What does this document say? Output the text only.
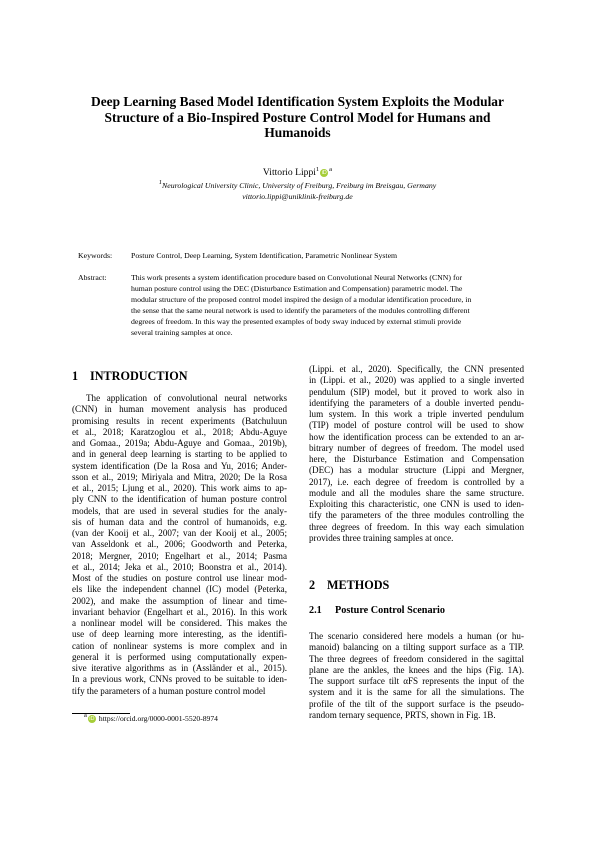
Deep Learning Based Model Identification System Exploits the Modular
Structure of a Bio-Inspired Posture Control Model for Humans and
Humanoids
Vittorio Lippi$^1$ iD $^a$
$^1$Neurological University Clinic, University of Freiburg, Freiburg im Breisgau, Germany
vittorio.lippi@uniklinik-freiburg.de
Keywords:	Posture Control, Deep Learning, System Identification, Parametric Nonlinear System
Abstract:	This work presents a system identification procedure based on Convolutional Neural Networks (CNN) for
human posture control using the DEC (Disturbance Estimation and Compensation) parametric model. The
modular structure of the proposed control model inspired the design of a modular identification procedure, in
the sense that the same neural network is used to identify the parameters of the modules controlling different
degrees of freedom. In this way the presented examples of body sway induced by external stimuli provide
several training samples at once.
1 INTRODUCTION
The application of convolutional neural networks
(CNN) in human movement analysis has produced
promising results in recent experiments (Batchuluun
et al., 2018; Karatzoglou et al., 2018; Abdu-Aguye
and Gomaa., 2019a; Abdu-Aguye and Gomaa., 2019b),
and in general deep learning is starting to be applied to
system identification (De la Rosa and Yu, 2016; Ander-
sson et al., 2019; Miriyala and Mitra, 2020; De la Rosa
et al., 2015; Ljung et al., 2020). This work aims to ap-
ply CNN to the identification of human posture control
models, that are used in several studies for the analy-
sis of human data and the control of humanoids, e.g.
(van der Kooij et al., 2007; van der Kooij et al., 2005;
van Asseldonk et al., 2006; Goodworth and Peterka,
2018; Mergner, 2010; Engelhart et al., 2014; Pasma
et al., 2014; Jeka et al., 2010; Boonstra et al., 2014).
Most of the studies on posture control use linear mod-
els like the independent channel (IC) model (Peterka,
2002), and make the assumption of linear and time-
invariant behavior (Engelhart et al., 2016). In this work
a nonlinear model will be considered. This makes the
use of deep learning more interesting, as the identifi-
cation of nonlinear systems is more complex and in
general it is performed using computationally expen-
sive iterative algorithms as in (Assländer et al., 2015).
In a previous work, CNNs proved to be suitable to iden-
tify the parameters of a human posture control model
(Lippi. et al., 2020). Specifically, the CNN presented
in (Lippi. et al., 2020) was applied to a single inverted
pendulum (SIP) model, but it proved to work also in
identifying the parameters of a double inverted pendu-
lum system. In this work a triple inverted pendulum
(TIP) model of posture control will be used to show
how the identification process can be extended to an ar-
bitrary number of degrees of freedom. The model used
here, the Disturbance Estimation and Compensation
(DEC) has a modular structure (Lippi and Mergner,
2017), i.e. each degree of freedom is controlled by a
module and all the modules share the same structure.
Exploiting this characteristic, one CNN is used to iden-
tify the parameters of the three modules controlling the
three degrees of freedom. In this way each simulation
provides three training samples at once.
2 METHODS
2.1 Posture Control Scenario
The scenario considered here models a human (or hu-
manoid) balancing on a tilting support surface as a TIP.
The three degrees of freedom considered in the sagittal
plane are the ankles, the knees and the hips (Fig. 1A).
The support surface tilt αFS represents the input of the
system and it is the same for all the simulations. The
profile of the tilt of the support surface is the pseudo-
random ternary sequence, PRTS, shown in Fig. 1B.
$^a$ iD https://orcid.org/0000-0001-5520-8974
